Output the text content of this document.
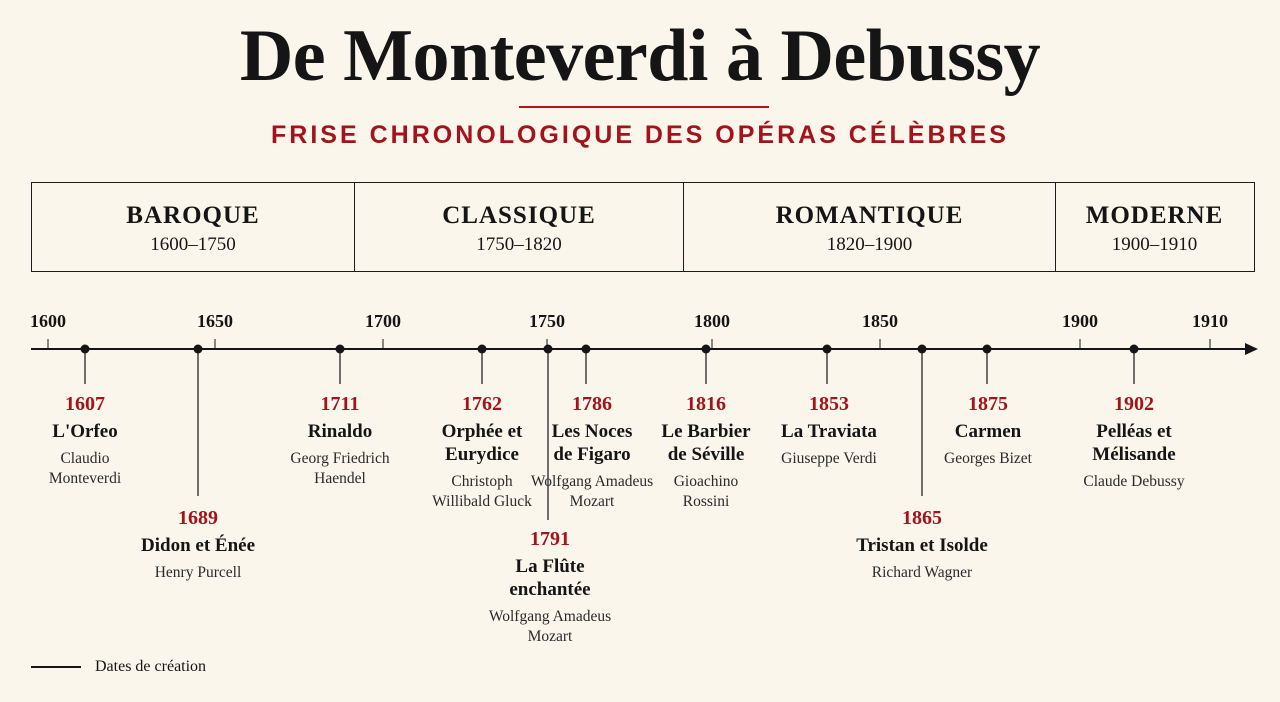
De Monteverdi à Debussy
FRISE CHRONOLOGIQUE DES OPÉRAS CÉLÈBRES
BAROQUE
1600–1750
CLASSIQUE
1750–1820
ROMANTIQUE
1820–1900
MODERNE
1900–1910
1600	1650	1700	1750	1800	1850	1900	1910
1607
L'Orfeo
Claudio Monteverdi
1689
Didon et Énée
Henry Purcell
1711
Rinaldo
Georg Friedrich Haendel
1762
Orphée et Eurydice
Christoph Willibald Gluck
1786
Les Noces de Figaro
Wolfgang Amadeus Mozart
1791
La Flûte enchantée
Wolfgang Amadeus Mozart
1816
Le Barbier de Séville
Gioachino Rossini
1853
La Traviata
Giuseppe Verdi
1865
Tristan et Isolde
Richard Wagner
1875
Carmen
Georges Bizet
1902
Pelléas et Mélisande
Claude Debussy
Dates de création
